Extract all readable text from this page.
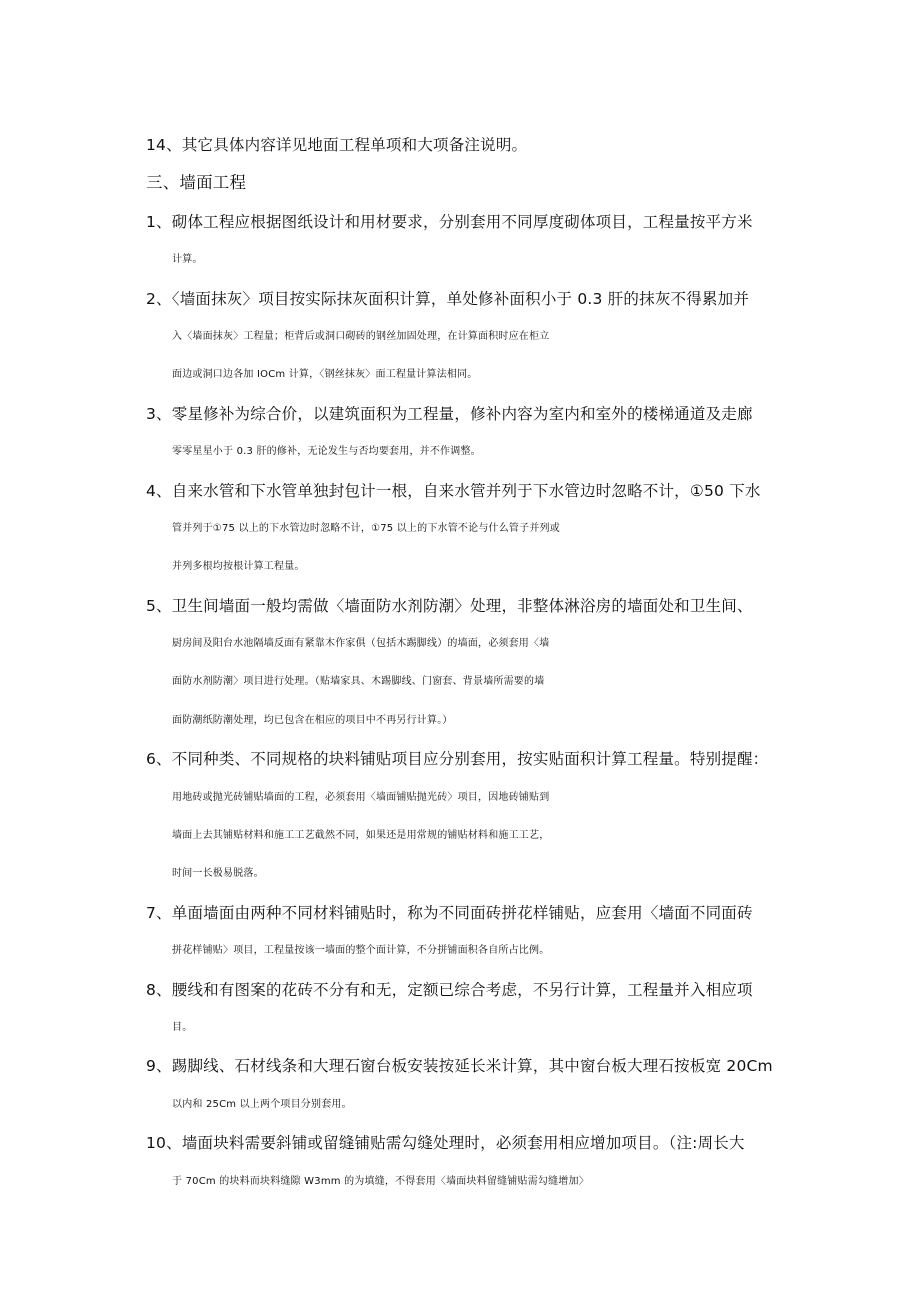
14、其它具体内容详见地面工程单项和大项备注说明。
三、墙面工程
1、砌体工程应根据图纸设计和用材要求，分别套用不同厚度砌体项目，工程量按平方米
计算。
2、〈墙面抹灰〉项目按实际抹灰面积计算，单处修补面积小于 0.3 肝的抹灰不得累加并
入〈墙面抹灰〉工程量；柜背后或洞口砌砖的钢丝加固处理，在计算面积时应在柜立
面边或洞口边各加 IOCm 计算，〈钢丝抹灰〉面工程量计算法相同。
3、零星修补为综合价，以建筑面积为工程量，修补内容为室内和室外的楼梯通道及走廊
零零星星小于 0.3 肝的修补，无论发生与否均要套用，并不作调整。
4、自来水管和下水管单独封包计一根，自来水管并列于下水管边时忽略不计，①50 下水
管并列于①75 以上的下水管边时忽略不计，①75 以上的下水管不论与什么管子并列或
并列多根均按根计算工程量。
5、卫生间墙面一般均需做〈墙面防水剂防潮〉处理，非整体淋浴房的墙面处和卫生间、
厨房间及阳台水池隔墙反面有紧靠木作家俱（包括木踢脚线）的墙面，必须套用〈墙
面防水剂防潮〉项目进行处理。（贴墙家具、木踢脚线、门窗套、背景墙所需要的墙
面防潮纸防潮处理，均已包含在相应的项目中不再另行计算。）
6、不同种类、不同规格的块料铺贴项目应分别套用，按实贴面积计算工程量。特别提醒：
用地砖或抛光砖铺贴墙面的工程，必须套用〈墙面铺贴抛光砖〉项目，因地砖铺贴到
墙面上去其铺贴材料和施工工艺截然不同，如果还是用常规的铺贴材料和施工工艺，
时间一长极易脱落。
7、单面墙面由两种不同材料铺贴时，称为不同面砖拼花样铺贴，应套用〈墙面不同面砖
拼花样铺贴〉项目，工程量按该一墙面的整个面计算，不分拼铺面积各自所占比例。
8、腰线和有图案的花砖不分有和无，定额已综合考虑，不另行计算，工程量并入相应项
目。
9、踢脚线、石材线条和大理石窗台板安装按延长米计算，其中窗台板大理石按板宽 20Cm
以内和 25Cm 以上两个项目分别套用。
10、墙面块料需要斜铺或留缝铺贴需勾缝处理时，必须套用相应增加项目。（注:周长大
于 70Cm 的块料而块料缝隙 W3mm 的为填缝，不得套用〈墙面块料留缝铺贴需勾缝增加〉
